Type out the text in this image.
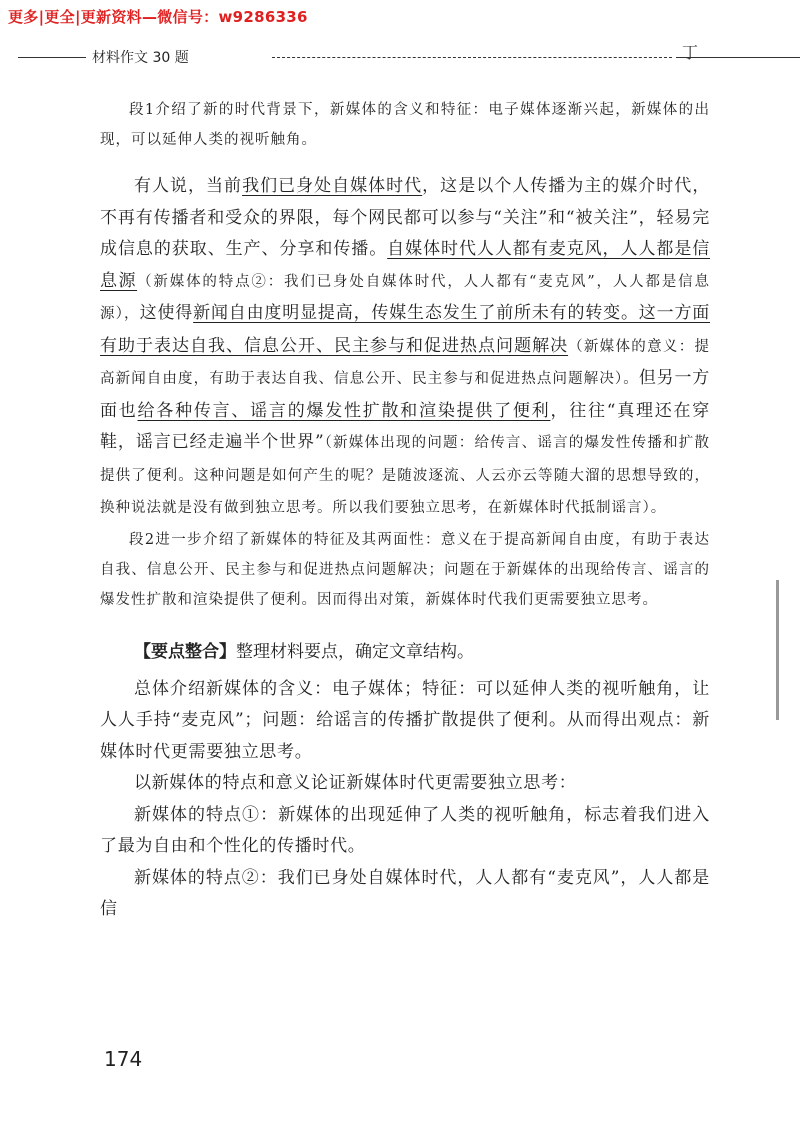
更多|更全|更新资料—微信号：w9286336
材料作文 30 题	丁

段1介绍了新的时代背景下，新媒体的含义和特征：电子媒体逐渐兴起，新媒体的出现，可以延伸人类的视听触角。

有人说，当前我们已身处自媒体时代，这是以个人传播为主的媒介时代，不再有传播者和受众的界限，每个网民都可以参与“关注”和“被关注”，轻易完成信息的获取、生产、分享和传播。自媒体时代人人都有麦克风，人人都是信息源（新媒体的特点②：我们已身处自媒体时代，人人都有“麦克风”，人人都是信息源），这使得新闻自由度明显提高，传媒生态发生了前所未有的转变。这一方面有助于表达自我、信息公开、民主参与和促进热点问题解决（新媒体的意义：提高新闻自由度，有助于表达自我、信息公开、民主参与和促进热点问题解决）。但另一方面也给各种传言、谣言的爆发性扩散和渲染提供了便利，往往“真理还在穿鞋，谣言已经走遍半个世界”（新媒体出现的问题：给传言、谣言的爆发性传播和扩散提供了便利。这种问题是如何产生的呢？是随波逐流、人云亦云等随大溜的思想导致的，换种说法就是没有做到独立思考。所以我们要独立思考，在新媒体时代抵制谣言）。

段2进一步介绍了新媒体的特征及其两面性：意义在于提高新闻自由度，有助于表达自我、信息公开、民主参与和促进热点问题解决；问题在于新媒体的出现给传言、谣言的爆发性扩散和渲染提供了便利。因而得出对策，新媒体时代我们更需要独立思考。

【要点整合】整理材料要点，确定文章结构。

总体介绍新媒体的含义：电子媒体；特征：可以延伸人类的视听触角，让人人手持“麦克风”；问题：给谣言的传播扩散提供了便利。从而得出观点：新媒体时代更需要独立思考。

以新媒体的特点和意义论证新媒体时代更需要独立思考：

新媒体的特点①：新媒体的出现延伸了人类的视听触角，标志着我们进入了最为自由和个性化的传播时代。

新媒体的特点②：我们已身处自媒体时代，人人都有“麦克风”，人人都是信

174
